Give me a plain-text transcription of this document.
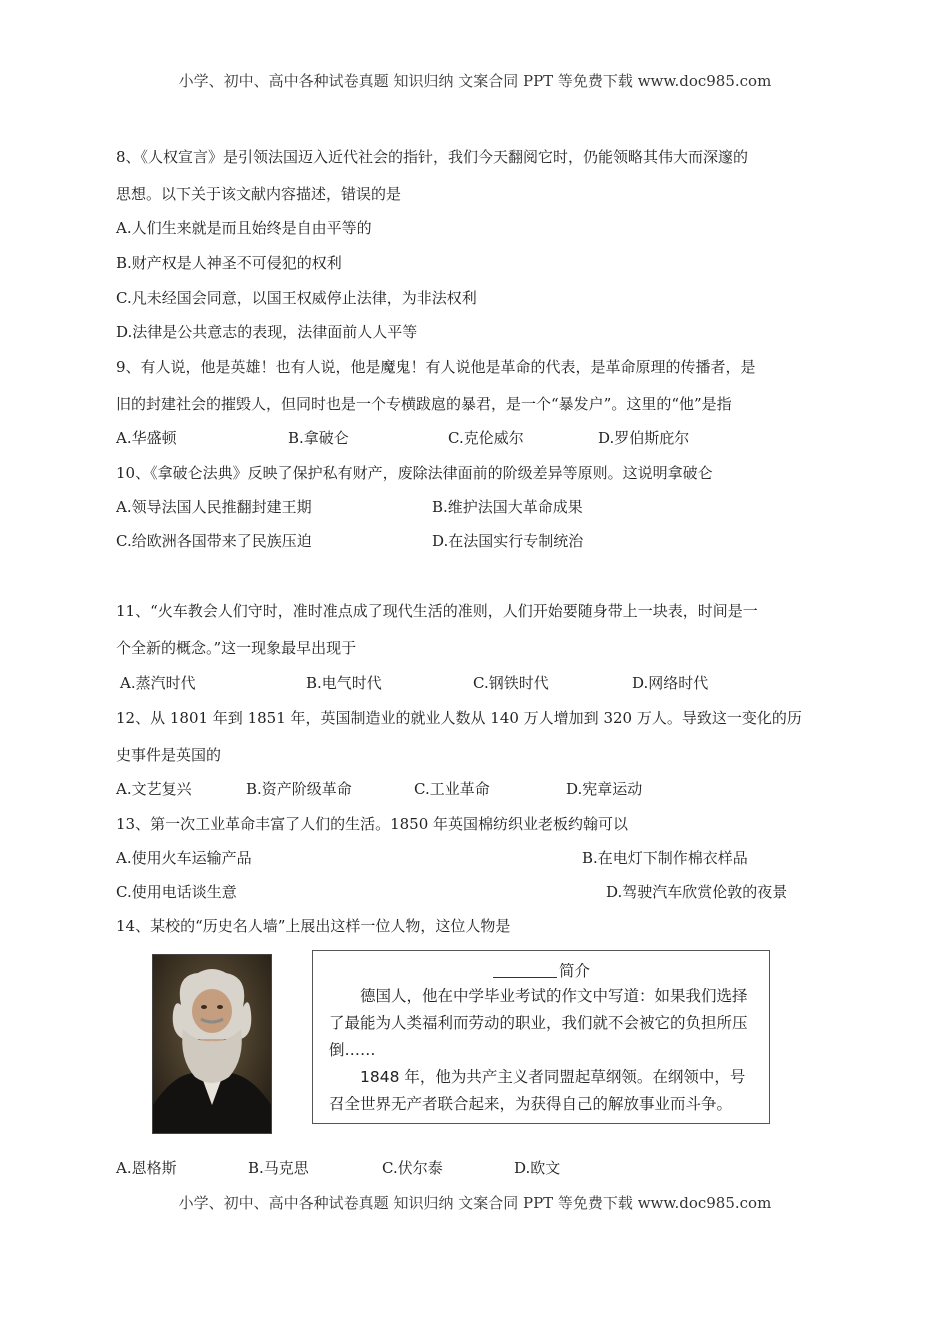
小学、初中、高中各种试卷真题 知识归纳 文案合同 PPT 等免费下载 www.doc985.com
8、《人权宣言》是引领法国迈入近代社会的指针，我们今天翻阅它时，仍能领略其伟大而深邃的
思想。以下关于该文献内容描述，错误的是
A.人们生来就是而且始终是自由平等的
B.财产权是人神圣不可侵犯的权利
C.凡未经国会同意，以国王权威停止法律，为非法权利
D.法律是公共意志的表现，法律面前人人平等
9、有人说，他是英雄！也有人说，他是魔鬼！有人说他是革命的代表，是革命原理的传播者，是
旧的封建社会的摧毁人，但同时也是一个专横跋扈的暴君，是一个“暴发户”。这里的“他”是指
A.华盛顿	B.拿破仑	C.克伦威尔	D.罗伯斯庇尔
10、《拿破仑法典》反映了保护私有财产，废除法律面前的阶级差异等原则。这说明拿破仑
A.领导法国人民推翻封建王期	B.维护法国大革命成果
C.给欧洲各国带来了民族压迫	D.在法国实行专制统治
11、“火车教会人们守时，准时准点成了现代生活的准则，人们开始要随身带上一块表，时间是一
个全新的概念。”这一现象最早出现于
A.蒸汽时代	B.电气时代	C.钢铁时代	D.网络时代
12、从 1801 年到 1851 年，英国制造业的就业人数从 140 万人增加到 320 万人。导致这一变化的历
史事件是英国的
A.文艺复兴	B.资产阶级革命	C.工业革命	D.宪章运动
13、第一次工业革命丰富了人们的生活。1850 年英国棉纺织业老板约翰可以
A.使用火车运输产品	B.在电灯下制作棉衣样品
C.使用电话谈生意	D.驾驶汽车欣赏伦敦的夜景
14、某校的“历史名人墙”上展出这样一位人物，这位人物是
简介
德国人，他在中学毕业考试的作文中写道：如果我们选择了最能为人类福利而劳动的职业，我们就不会被它的负担所压倒……
1848 年，他为共产主义者同盟起草纲领。在纲领中，号召全世界无产者联合起来，为获得自己的解放事业而斗争。
A.恩格斯	B.马克思	C.伏尔泰	D.欧文
小学、初中、高中各种试卷真题 知识归纳 文案合同 PPT 等免费下载 www.doc985.com
